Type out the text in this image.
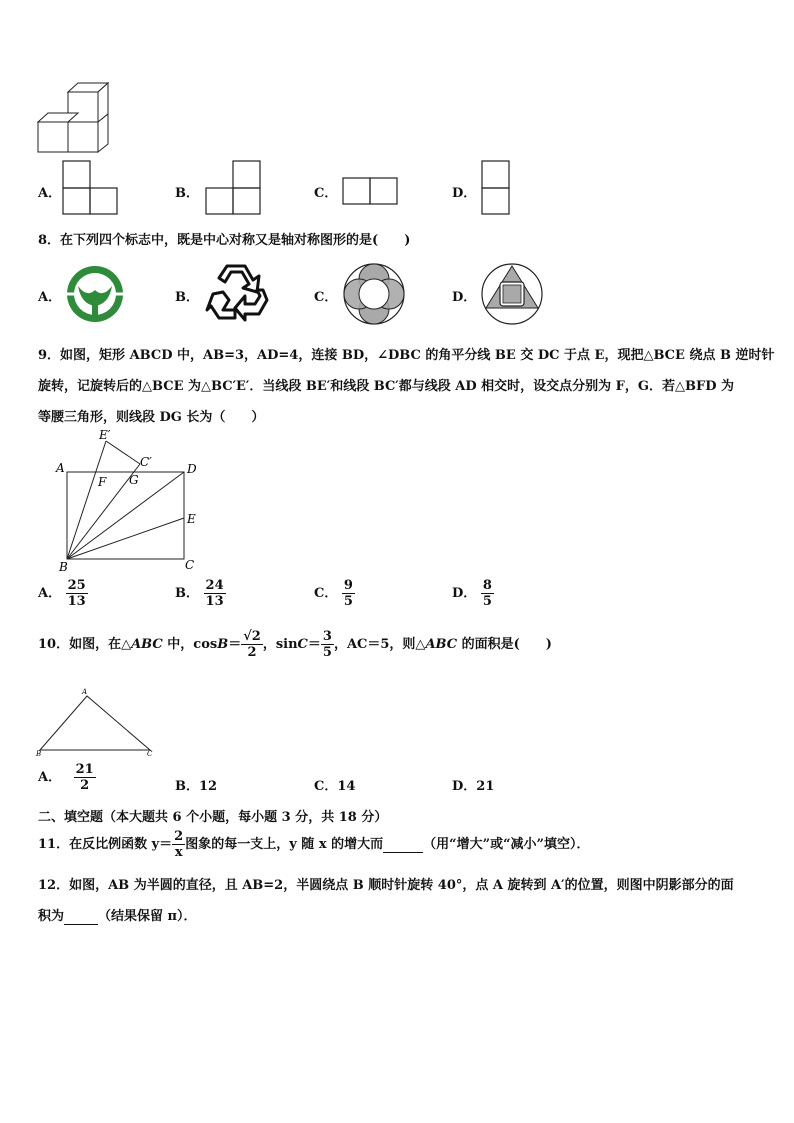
A．	B．	C．	D．
8．在下列四个标志中，既是中心对称又是轴对称图形的是(　　)
A．	B．	C．	D．
9．如图，矩形 ABCD 中，AB=3，AD=4，连接 BD，∠DBC 的角平分线 BE 交 DC 于点 E，现把△BCE 绕点 B 逆时针
旋转，记旋转后的△BCE 为△BC′E′．当线段 BE′和线段 BC′都与线段 AD 相交时，设交点分别为 F，G．若△BFD 为
等腰三角形，则线段 DG 长为（　　）
E′
C′
A	D
F G
E
B	C
A． $\frac{25}{13}$	B． $\frac{24}{13}$	C． $\frac{9}{5}$	D． $\frac{8}{5}$
10．如图，在△ABC 中，$\cos B= \frac{√2}{2}$ ，$\sin C= \frac{3}{5}$ ，AC＝5，则△ABC 的面积是(　　)
A
B	C
A． $\frac{21}{2}$	B．12	C．14	D．21
二、填空题（本大题共 6 个小题，每小题 3 分，共 18 分）
11．在反比例函数 $y= \frac{2}{x}$ 图象的每一支上，y 随 x 的增大而	（用“增大”或“减小”填空）．
12．如图，AB 为半圆的直径，且 AB=2，半圆绕点 B 顺时针旋转 40°，点 A 旋转到 A′的位置，则图中阴影部分的面
积为	（结果保留 π）．
